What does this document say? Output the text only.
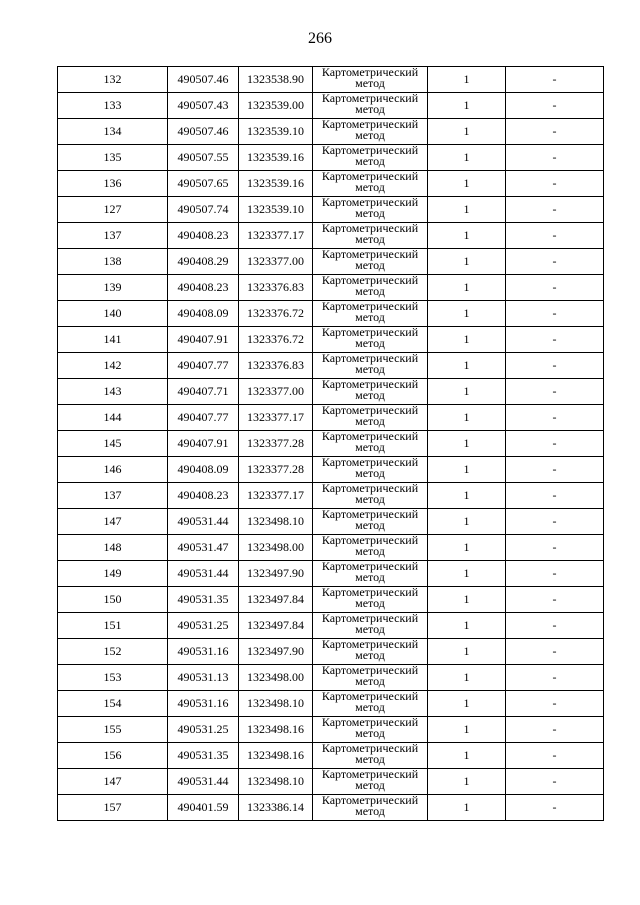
266
132	490507.46	1323538.90	Картометрический метод	1	-
133	490507.43	1323539.00	Картометрический метод	1	-
134	490507.46	1323539.10	Картометрический метод	1	-
135	490507.55	1323539.16	Картометрический метод	1	-
136	490507.65	1323539.16	Картометрический метод	1	-
127	490507.74	1323539.10	Картометрический метод	1	-
137	490408.23	1323377.17	Картометрический метод	1	-
138	490408.29	1323377.00	Картометрический метод	1	-
139	490408.23	1323376.83	Картометрический метод	1	-
140	490408.09	1323376.72	Картометрический метод	1	-
141	490407.91	1323376.72	Картометрический метод	1	-
142	490407.77	1323376.83	Картометрический метод	1	-
143	490407.71	1323377.00	Картометрический метод	1	-
144	490407.77	1323377.17	Картометрический метод	1	-
145	490407.91	1323377.28	Картометрический метод	1	-
146	490408.09	1323377.28	Картометрический метод	1	-
137	490408.23	1323377.17	Картометрический метод	1	-
147	490531.44	1323498.10	Картометрический метод	1	-
148	490531.47	1323498.00	Картометрический метод	1	-
149	490531.44	1323497.90	Картометрический метод	1	-
150	490531.35	1323497.84	Картометрический метод	1	-
151	490531.25	1323497.84	Картометрический метод	1	-
152	490531.16	1323497.90	Картометрический метод	1	-
153	490531.13	1323498.00	Картометрический метод	1	-
154	490531.16	1323498.10	Картометрический метод	1	-
155	490531.25	1323498.16	Картометрический метод	1	-
156	490531.35	1323498.16	Картометрический метод	1	-
147	490531.44	1323498.10	Картометрический метод	1	-
157	490401.59	1323386.14	Картометрический метод	1	-
